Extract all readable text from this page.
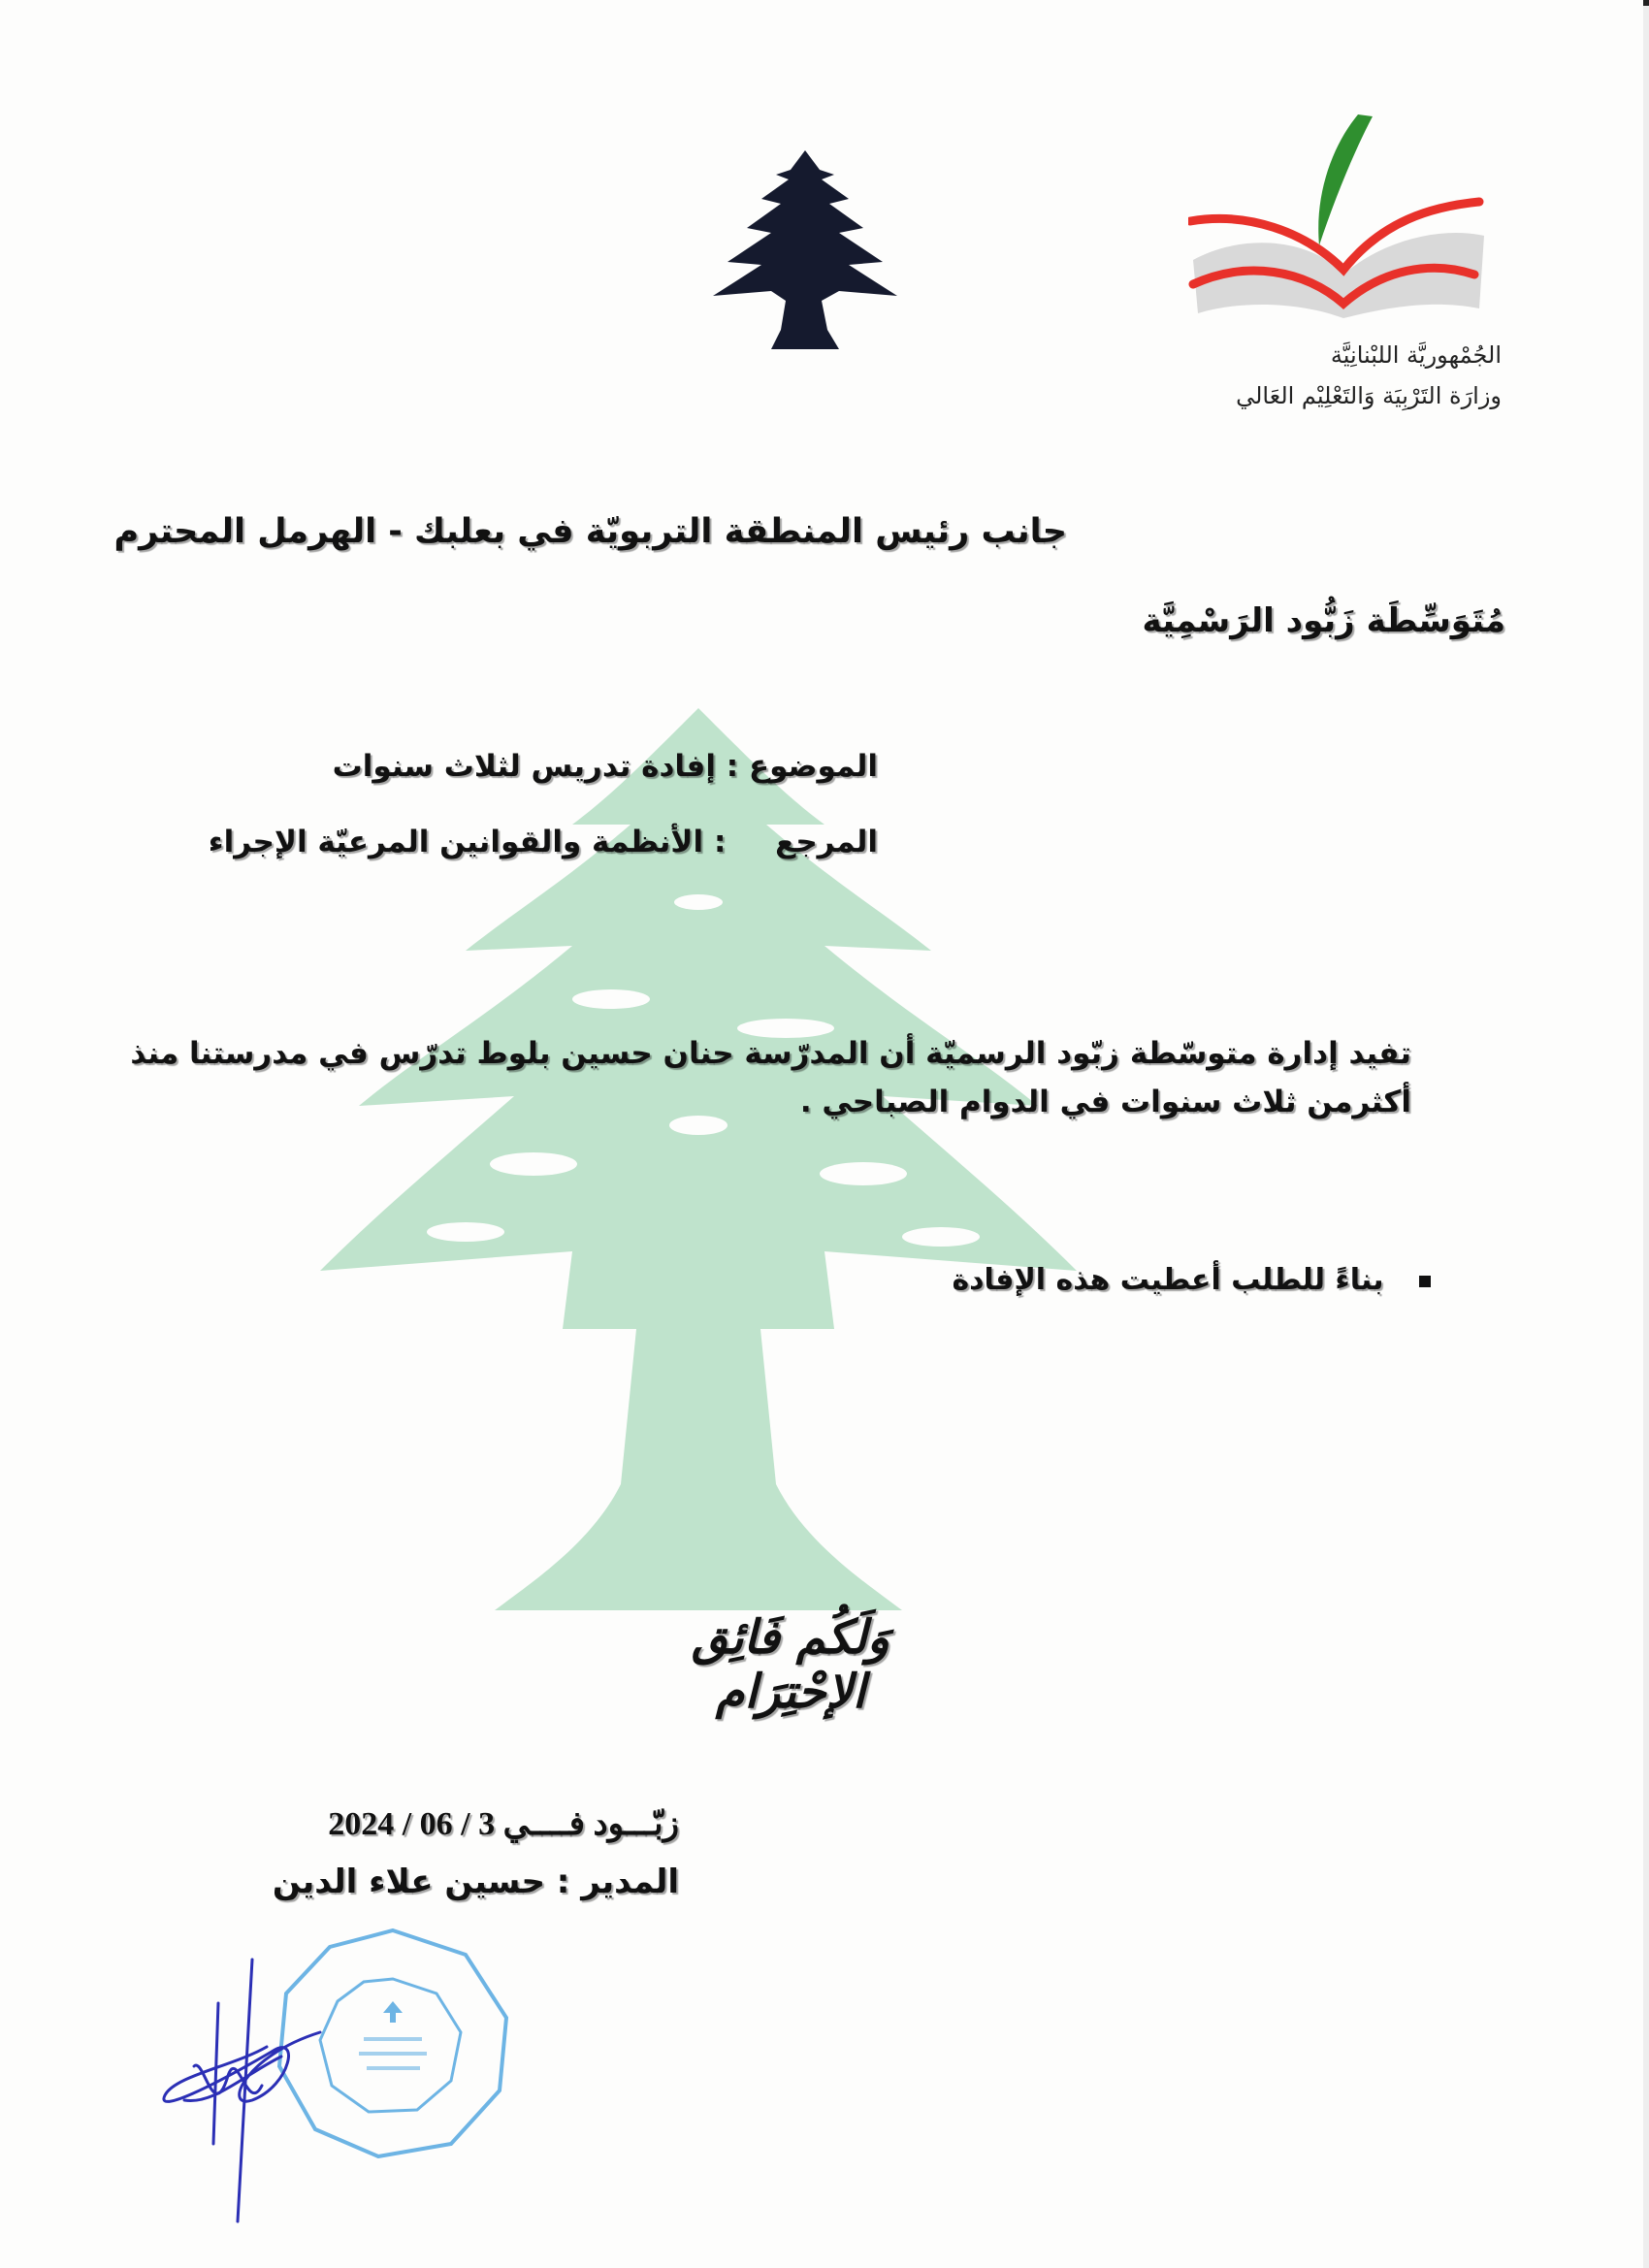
الجُمْهوريَّة اللبْنانِيَّة
وزارَة التَرْبِيَة وَالتَعْلِيْم العَالي
جانب رئيس المنطقة التربويّة في بعلبك - الهرمل المحترم
مُتَوَسِّطَة زَبُّود الرَسْمِيَّة
الموضوع : إفادة تدريس لثلاث سنوات
المرجع : الأنظمة والقوانين المرعيّة الإجراء
تفيد إدارة متوسّطة زبّود الرسميّة أن المدرّسة حنان حسين بلوط تدرّس في مدرستنا منذ
أكثرمن ثلاث سنوات في الدوام الصباحي .
بناءً للطلب أعطيت هذه الإفادة
وَلَكُم فَائِق الإحْتِرَام
زبّـــود فــــي 3 / 06 / 2024
المدير : حسين علاء الدين
